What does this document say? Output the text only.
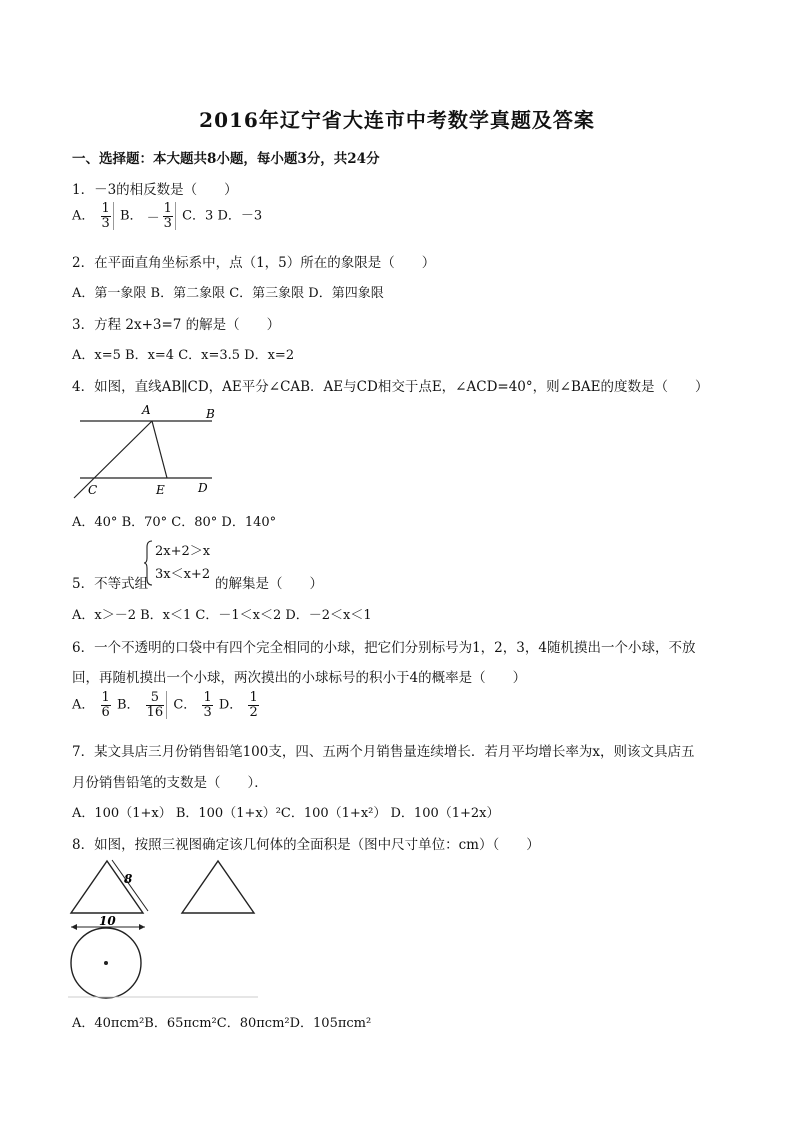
2016年辽宁省大连市中考数学真题及答案
一、选择题：本大题共8小题，每小题3分，共24分
1．－3的相反数是（　　）
A． $\frac{1}{3}$ B． － $\frac{1}{3}$ C．3 D．－3
2．在平面直角坐标系中，点（1，5）所在的象限是（　　）
A．第一象限 B．第二象限 C．第三象限 D．第四象限
3．方程 2x+3=7 的解是（　　）
A．x=5 B．x=4 C．x=3.5 D．x=2
4．如图，直线AB∥CD，AE平分∠CAB．AE与CD相交于点E，∠ACD=40°，则∠BAE的度数是（　　）
A	B
C	E	D
A．40° B．70° C．80° D．140°
5．不等式组
2x+2＞x
3x＜x+2
的解集是（　　）
A．x＞－2 B．x＜1 C．－1＜x＜2 D．－2＜x＜1
6．一个不透明的口袋中有四个完全相同的小球，把它们分别标号为1，2，3，4随机摸出一个小球，不放
回，再随机摸出一个小球，两次摸出的小球标号的积小于4的概率是（　　）
A． $\frac{1}{6}$ B． $\frac{5}{16}$ C． $\frac{1}{3}$ D． $\frac{1}{2}$
7．某文具店三月份销售铅笔100支，四、五两个月销售量连续增长．若月平均增长率为x，则该文具店五
月份销售铅笔的支数是（　　）．
A．100（1+x） B．100（1+x）²C．100（1+x²） D．100（1+2x）
8．如图，按照三视图确定该几何体的全面积是（图中尺寸单位：cm）（　　）
8
10
A．40πcm²B．65πcm²C．80πcm²D．105πcm²
